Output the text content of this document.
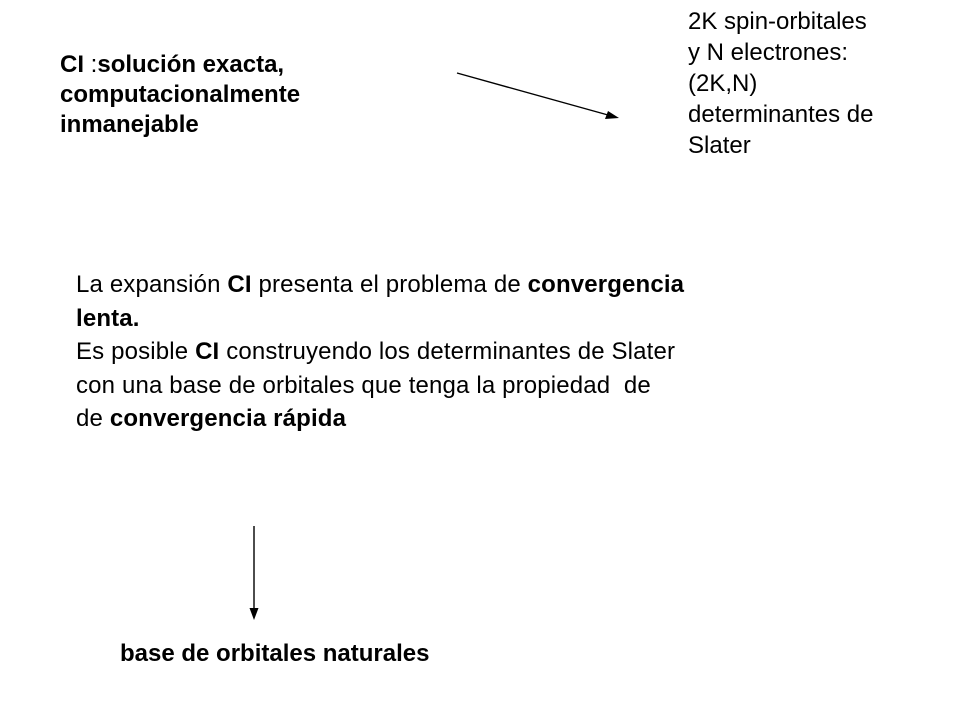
CI :solución exacta,
computacionalmente
inmanejable
2K spin-orbitales
y N electrones:
(2K,N)
determinantes de
Slater
La expansión CI presenta el problema de convergencia
lenta.
Es posible CI construyendo los determinantes de Slater
con una base de orbitales que tenga la propiedad  de
de convergencia rápida
base de orbitales naturales
